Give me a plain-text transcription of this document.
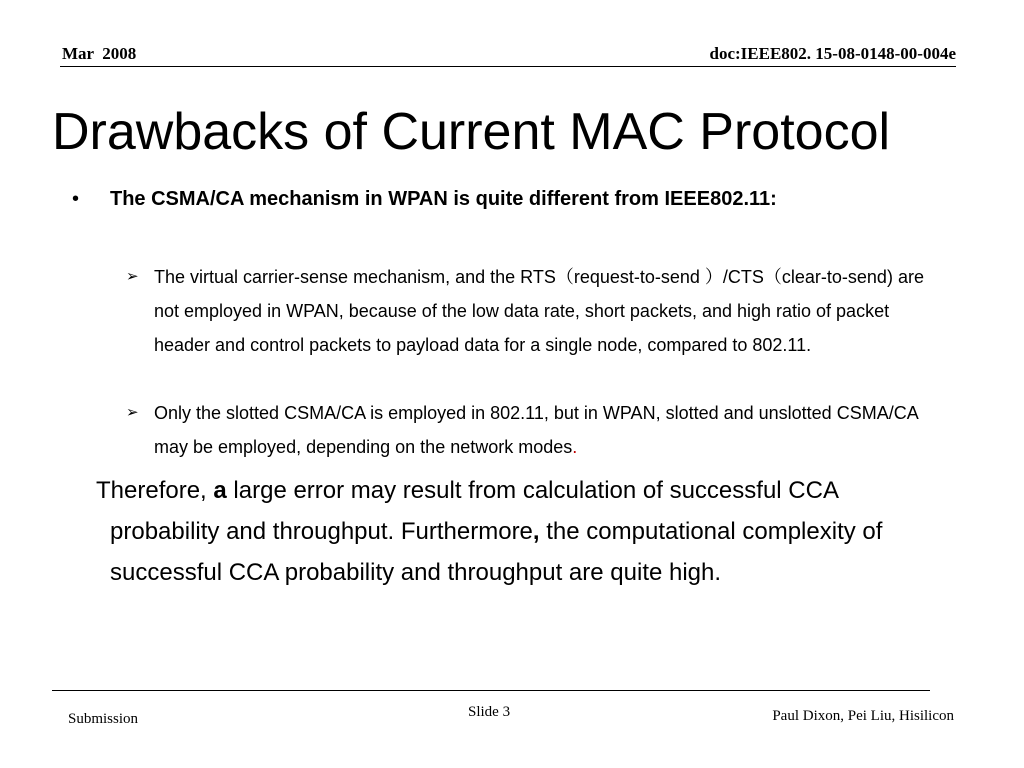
Mar  2008	doc:IEEE802. 15-08-0148-00-004e
Drawbacks of Current MAC Protocol
• The CSMA/CA mechanism in WPAN is quite different from IEEE802.11:
➢ The virtual carrier-sense mechanism, and the RTS（request-to-send ）/CTS（clear-to-send) are not employed in WPAN, because of the low data rate, short packets, and high ratio of packet header and control packets to payload data for a single node, compared to 802.11.
➢ Only the slotted CSMA/CA is employed in 802.11, but in WPAN, slotted and unslotted CSMA/CA may be employed, depending on the network modes.
Therefore, a large error may result from calculation of successful CCA probability and throughput. Furthermore, the computational complexity of successful CCA probability and throughput are quite high.
Submission	Slide 3	Paul Dixon, Pei Liu, Hisilicon
